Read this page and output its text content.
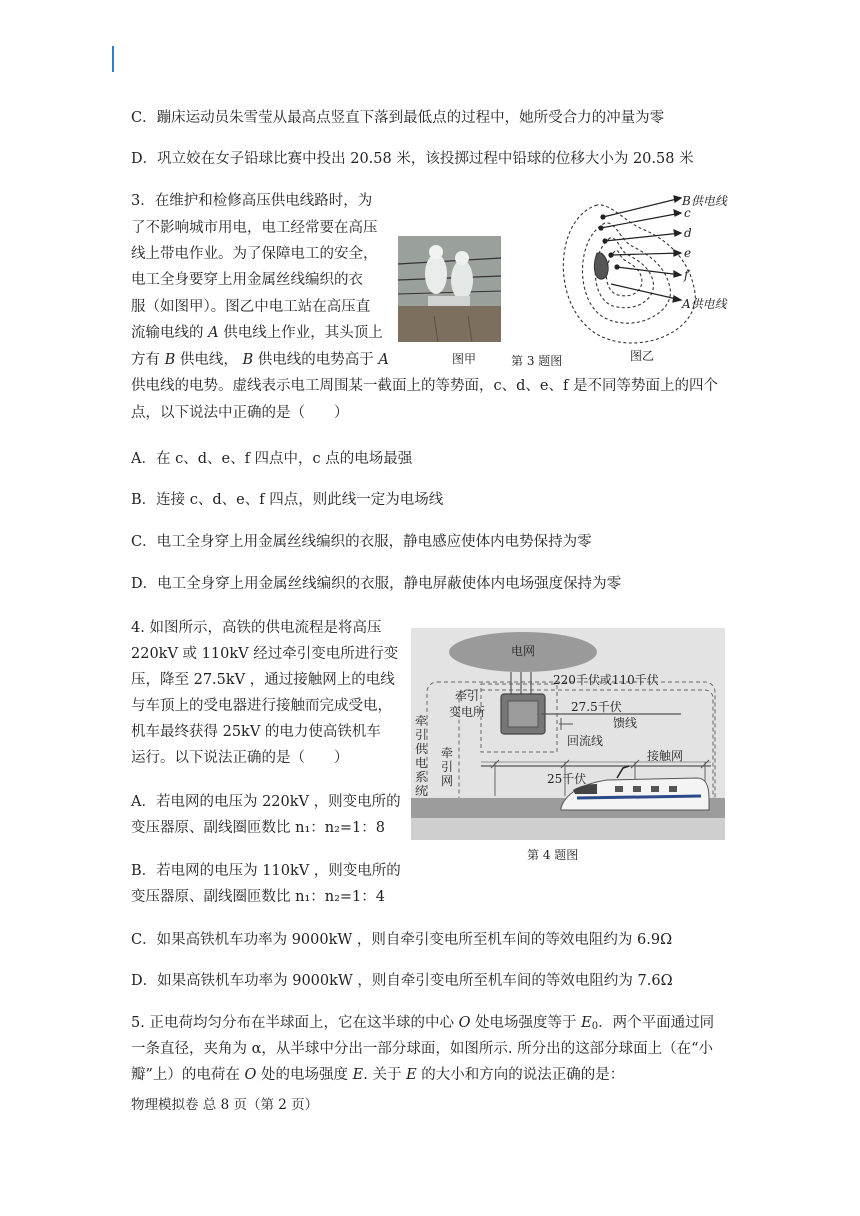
C．蹦床运动员朱雪莹从最高点竖直下落到最低点的过程中，她所受合力的冲量为零
D．巩立姣在女子铅球比赛中投出 20.58 米，该投掷过程中铅球的位移大小为 20.58 米
3．在维护和检修高压供电线路时，为
了不影响城市用电，电工经常要在高压
线上带电作业。为了保障电工的安全，
电工全身要穿上用金属丝线编织的衣
服（如图甲）。图乙中电工站在高压直
流输电线的 A 供电线上作业，其头顶上
方有 B 供电线， B 供电线的电势高于 A
供电线的电势。虚线表示电工周围某一截面上的等势面，c、d、e、f 是不同等势面上的四个
点，以下说法中正确的是（　　）
A．在 c、d、e、f 四点中，c 点的电场最强
B．连接 c、d、e、f 四点，则此线一定为电场线
C．电工全身穿上用金属丝线编织的衣服，静电感应使体内电势保持为零
D．电工全身穿上用金属丝线编织的衣服，静电屏蔽使体内电场强度保持为零
图甲	第 3 题图
B供电线
c
d
e
f
A供电线
图乙
4. 如图所示，高铁的供电流程是将高压
220kV 或 110kV 经过牵引变电所进行变
压，降至 27.5kV ，通过接触网上的电线
与车顶上的受电器进行接触而完成受电，
机车最终获得 25kV 的电力使高铁机车
运行。以下说法正确的是（　　）
A．若电网的电压为 220kV ，则变电所的
变压器原、副线圈匝数比 n₁：n₂=1：8
B．若电网的电压为 110kV ，则变电所的
变压器原、副线圈匝数比 n₁：n₂=1：4
C．如果高铁机车功率为 9000kW ，则自牵引变电所至机车间的等效电阻约为 6.9Ω
D．如果高铁机车功率为 9000kW ，则自牵引变电所至机车间的等效电阻约为 7.6Ω
电网
220千伏或110千伏
牵引
变电所	27.5千伏
馈线
回流线
牵引供电系统
牵引网
接触网
25千伏
第 4 题图
5. 正电荷均匀分布在半球面上，它在这半球的中心 O 处电场强度等于 $E_0$．两个平面通过同
一条直径，夹角为 α，从半球中分出一部分球面，如图所示. 所分出的这部分球面上（在“小
瓣”上）的电荷在 O 处的电场强度 E. 关于 E 的大小和方向的说法正确的是：
物理模拟卷 总 8 页（第 2 页）
